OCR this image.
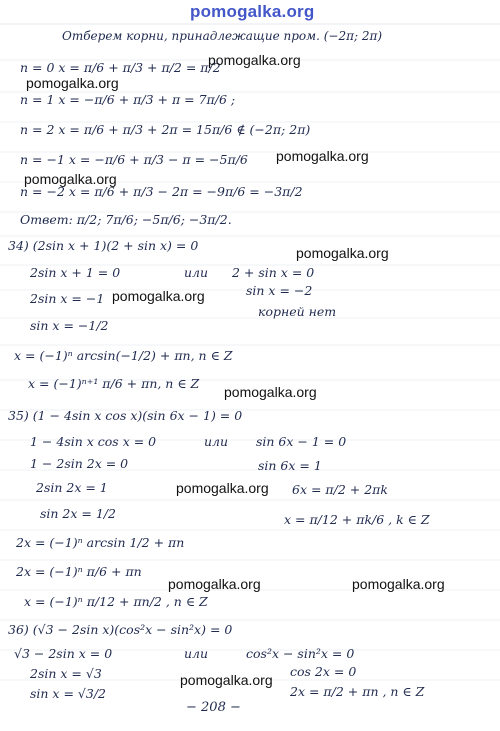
pomogalka.org
Отберем корни, принадлежащие пром. (−2π; 2π)
n = 0 x = π/6 + π/3 + π/2 = π/2
n = 1 x = −π/6 + π/3 + π = 7π/6 ;
n = 2 x = π/6 + π/3 + 2π = 15π/6 ∉ (−2π; 2π)
n = −1 x = −π/6 + π/3 − π = −5π/6
n = −2 x = π/6 + π/3 − 2π = −9π/6 = −3π/2
Ответ: π/2; 7π/6; −5π/6; −3π/2.
34) (2sin x + 1)(2 + sin x) = 0
2sin x + 1 = 0	или 2 + sin x = 0
2sin x = −1
sin x = −2
sin x = −1/2
корней нет
x = (−1)ⁿ arcsin(−1/2) + πn, n ∈ Z
x = (−1)ⁿ⁺¹ π/6 + πn, n ∈ Z
35) (1 − 4sin x cos x)(sin 6x − 1) = 0
1 − 4sin x cos x = 0	или sin 6x − 1 = 0
1 − 2sin 2x = 0	sin 6x = 1
2sin 2x = 1	6x = π/2 + 2πk
sin 2x = 1/2	x = π/12 + πk/6 , k ∈ Z
2x = (−1)ⁿ arcsin 1/2 + πn
2x = (−1)ⁿ π/6 + πn
x = (−1)ⁿ π/12 + πn/2 , n ∈ Z
36) (√3 − 2sin x)(cos²x − sin²x) = 0
√3 − 2sin x = 0	или	cos²x − sin²x = 0
2sin x = √3	cos 2x = 0
sin x = √3/2	2x = π/2 + πn , n ∈ Z
− 208 −
pomogalka.org
pomogalka.org
pomogalka.org
pomogalka.org
pomogalka.org
pomogalka.org
pomogalka.org
pomogalka.org
pomogalka.org	pomogalka.org
pomogalka.org
